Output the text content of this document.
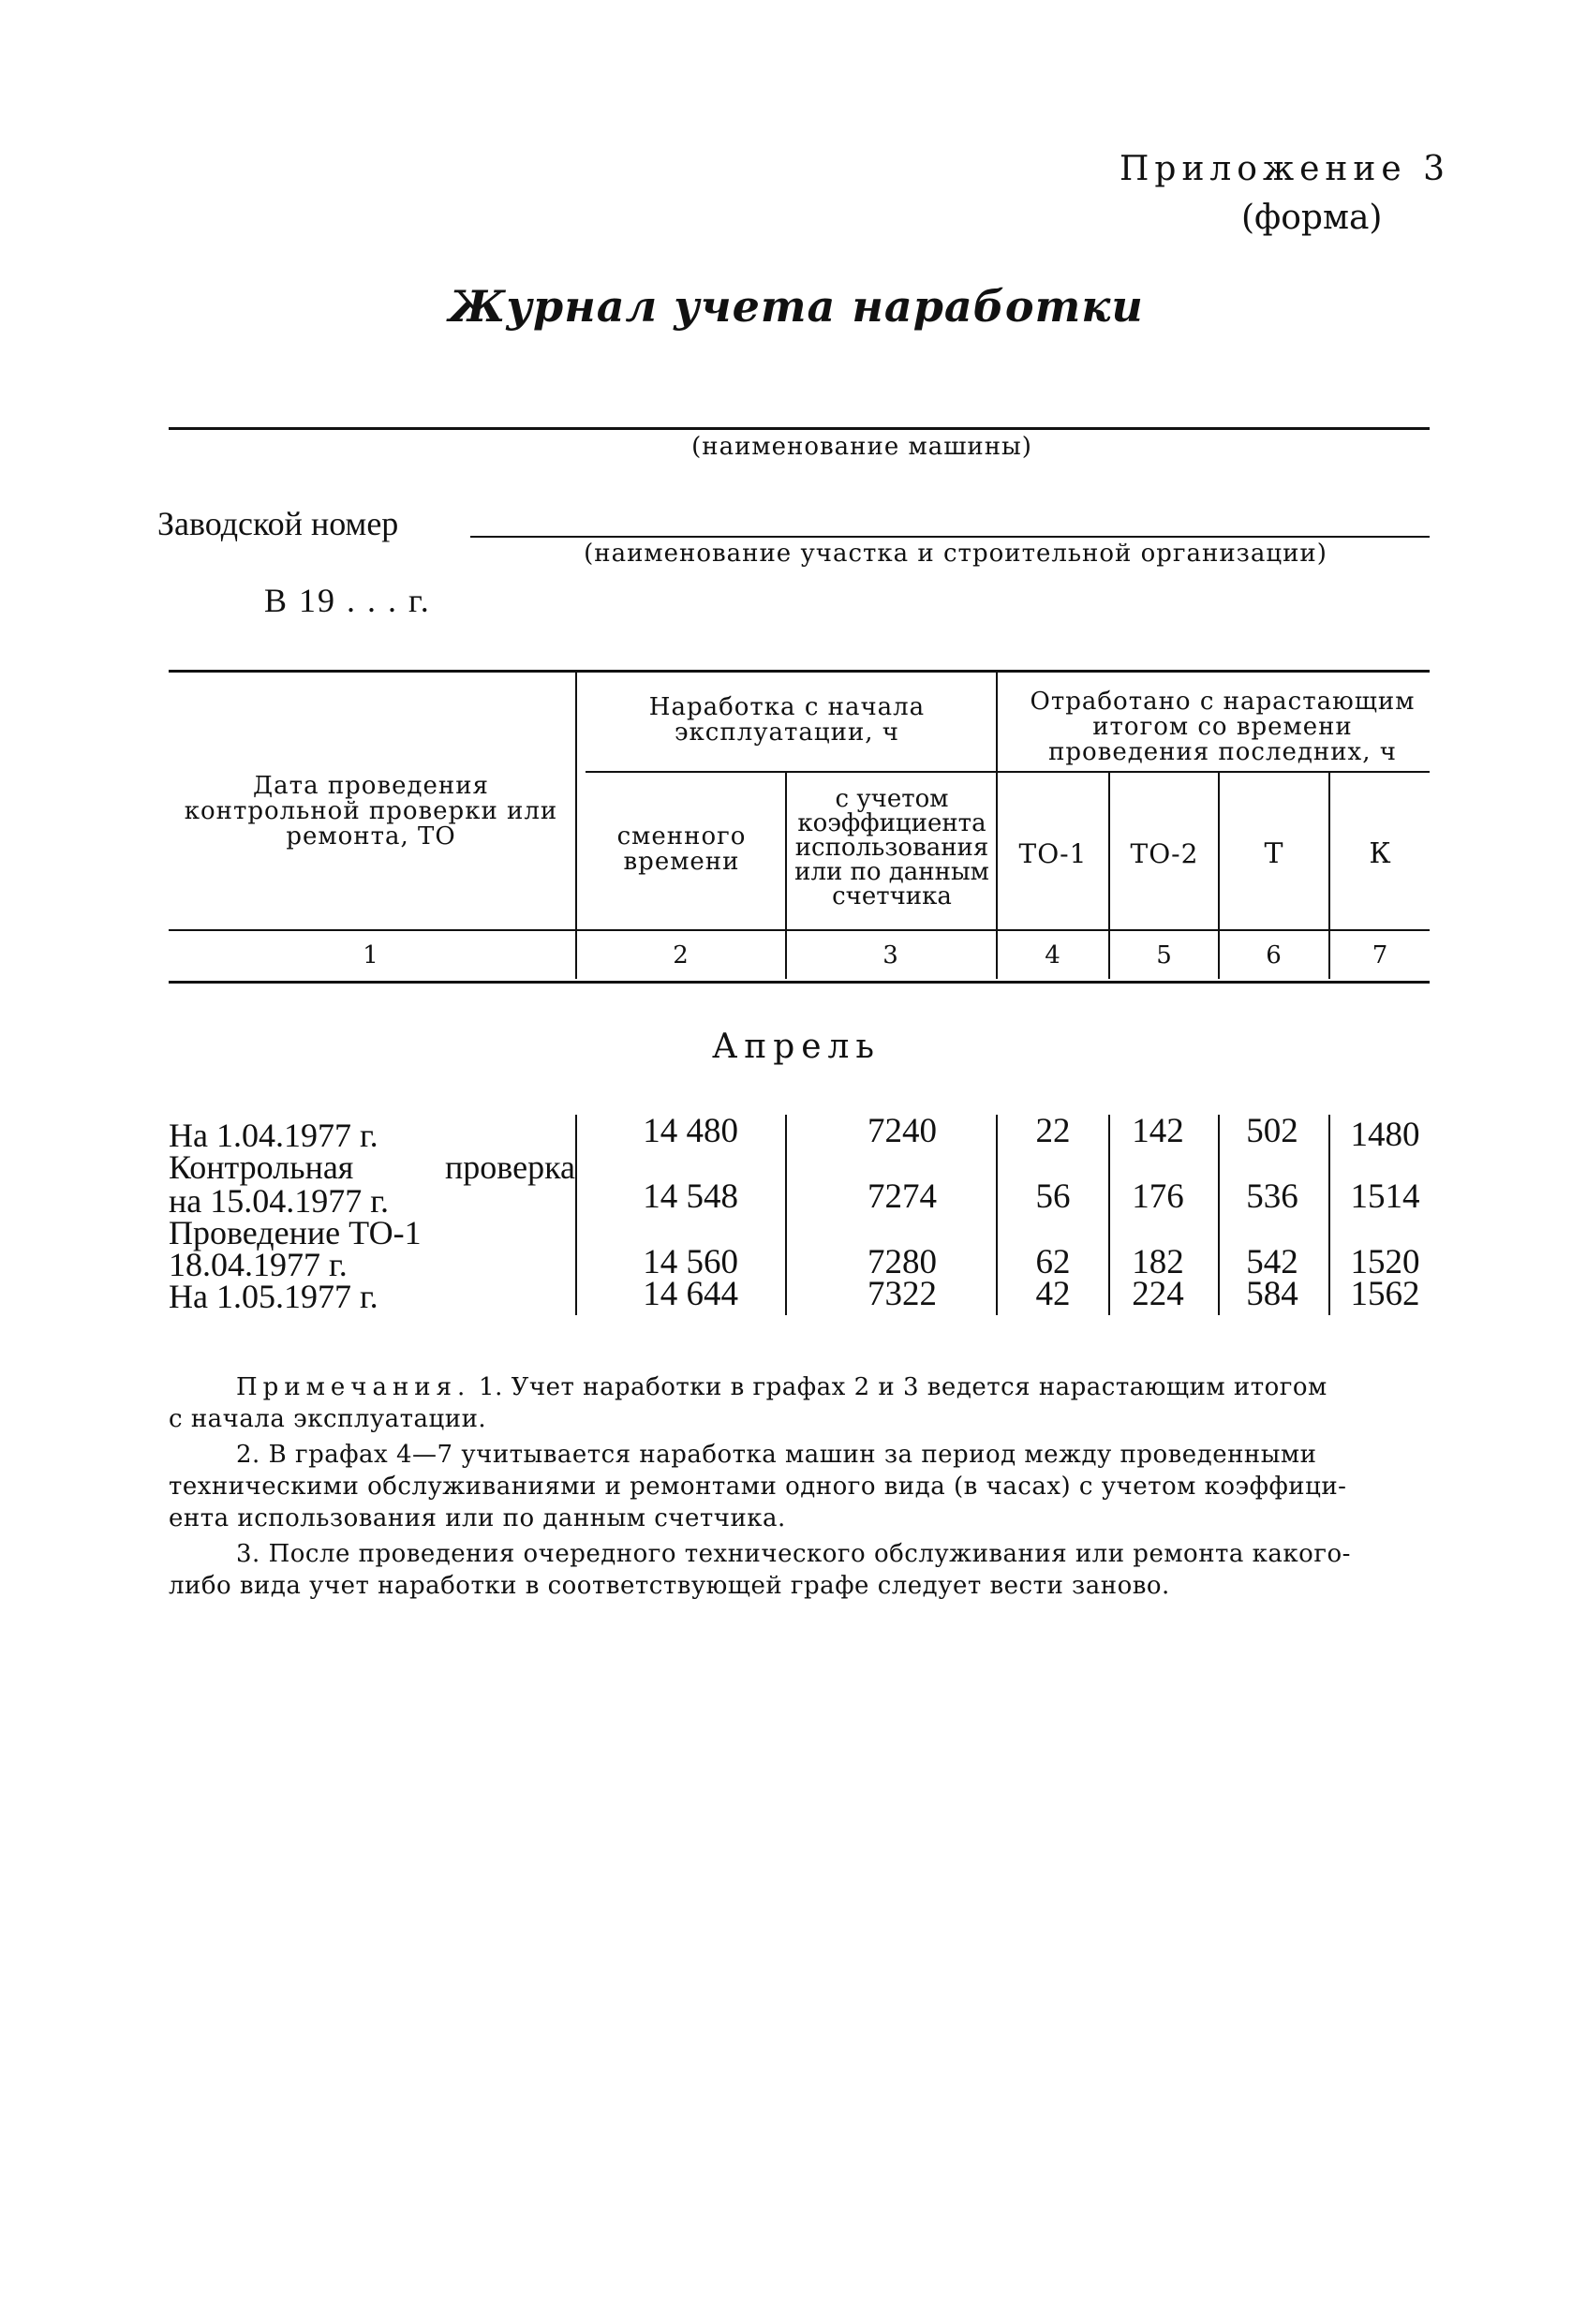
Приложение 3
(форма)
Журнал учета наработки
(наименование машины)
Заводской номер
(наименование участка и строительной организации)
В 19 . . . г.
Дата проведения контрольной проверки или ремонта, ТО
Наработка с начала эксплуатации, ч
сменного времени
с учетом коэффициента использования или по данным счетчика
Отработано с нарастающим итогом со времени проведения последних, ч
ТО-1	ТО-2	Т	К
1	2	3	4	5	6	7
Апрель
На 1.04.1977 г.	14 480	7240	22	142	502	1480
Контрольная проверка
на 15.04.1977 г.	14 548	7274	56	176	536	1514
Проведение ТО-1
18.04.1977 г.	14 560	7280	62	182	542	1520
На 1.05.1977 г.	14 644	7322	42	224	584	1562
Примечания. 1. Учет наработки в графах 2 и 3 ведется нарастающим итогом
с начала эксплуатации.
2. В графах 4—7 учитывается наработка машин за период между проведенными
техническими обслуживаниями и ремонтами одного вида (в часах) с учетом коэффици-
ента использования или по данным счетчика.
3. После проведения очередного технического обслуживания или ремонта какого-
либо вида учет наработки в соответствующей графе следует вести заново.
